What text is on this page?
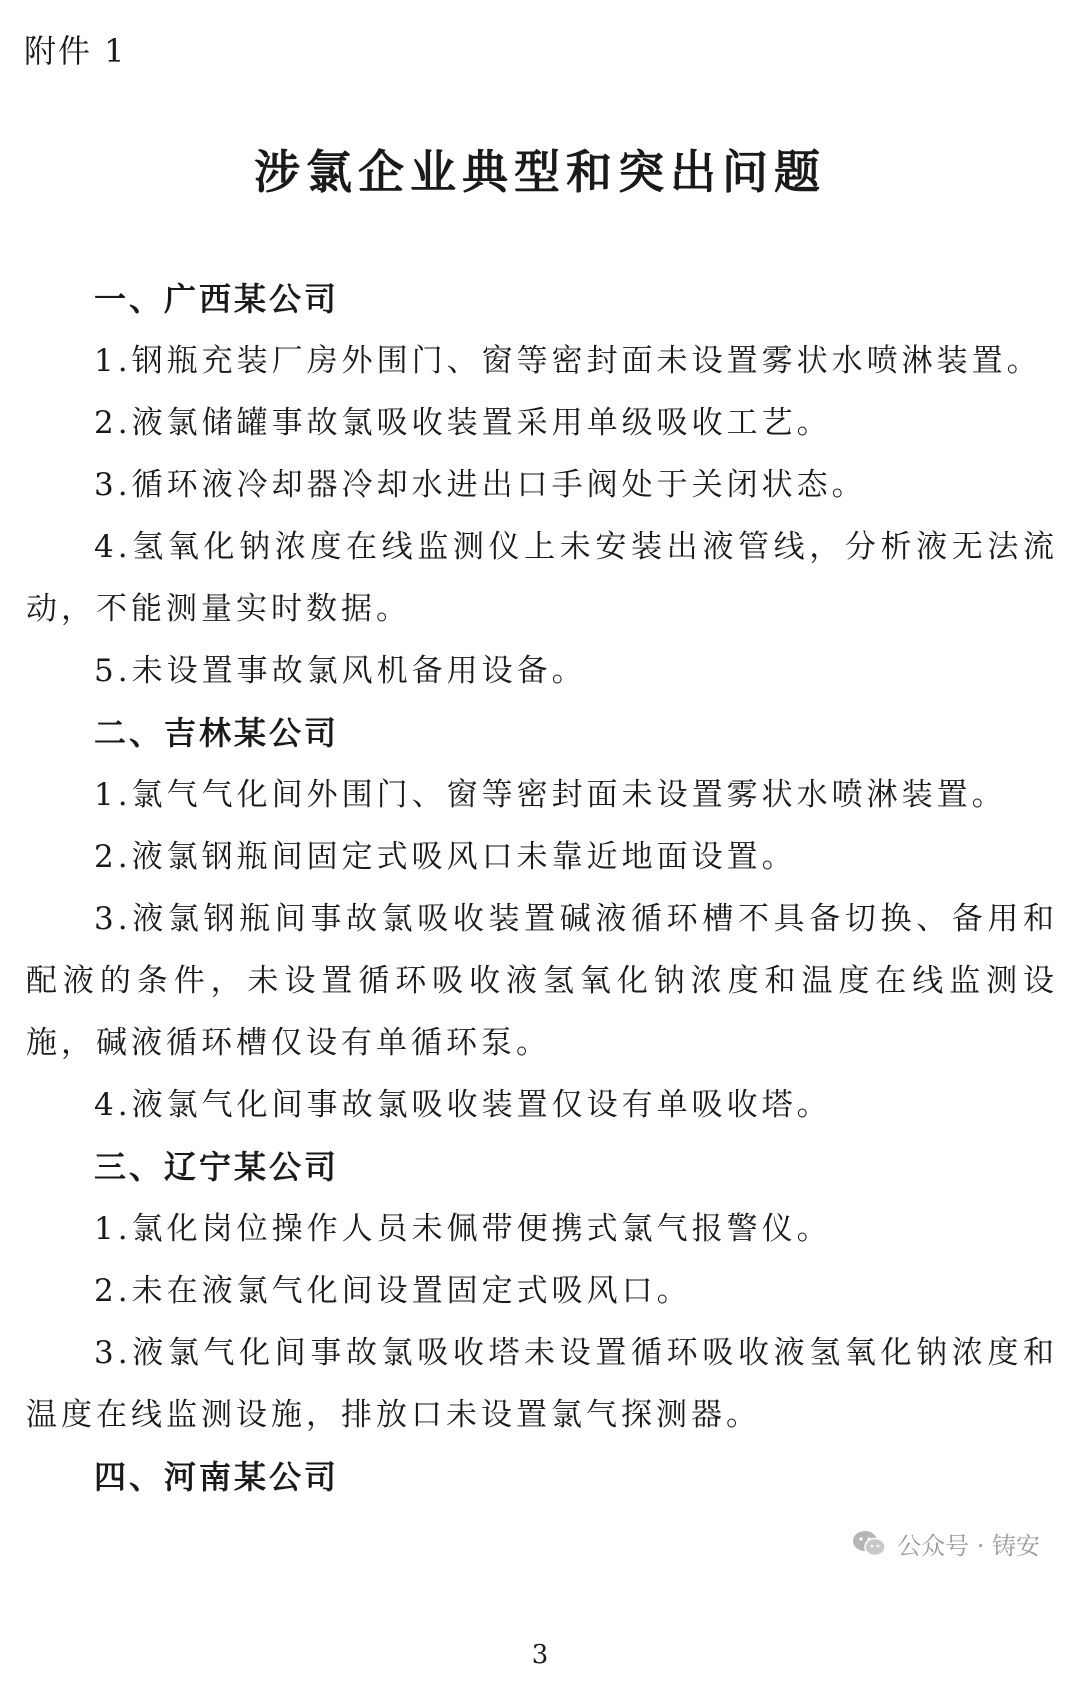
附件 1
涉氯企业典型和突出问题
一、广西某公司

1.钢瓶充装厂房外围门、窗等密封面未设置雾状水喷淋装置。

2.液氯储罐事故氯吸收装置采用单级吸收工艺。

3.循环液冷却器冷却水进出口手阀处于关闭状态。

4.氢氧化钠浓度在线监测仪上未安装出液管线，分析液无法流动，不能测量实时数据。

5.未设置事故氯风机备用设备。

二、吉林某公司

1.氯气气化间外围门、窗等密封面未设置雾状水喷淋装置。

2.液氯钢瓶间固定式吸风口未靠近地面设置。

3.液氯钢瓶间事故氯吸收装置碱液循环槽不具备切换、备用和配液的条件，未设置循环吸收液氢氧化钠浓度和温度在线监测设施，碱液循环槽仅设有单循环泵。

4.液氯气化间事故氯吸收装置仅设有单吸收塔。

三、辽宁某公司

1.氯化岗位操作人员未佩带便携式氯气报警仪。

2.未在液氯气化间设置固定式吸风口。

3.液氯气化间事故氯吸收塔未设置循环吸收液氢氧化钠浓度和温度在线监测设施，排放口未设置氯气探测器。

四、河南某公司
公众号 · 铸安
3
